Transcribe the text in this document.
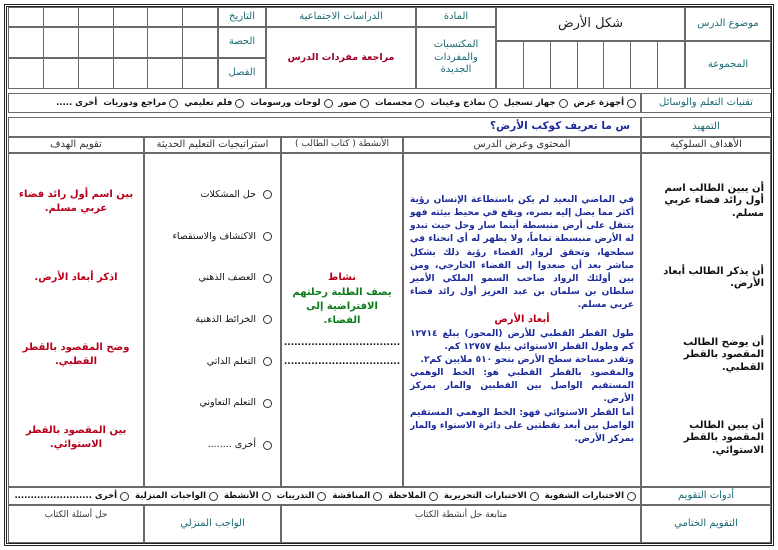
موضوع الدرس
شكل الأرض
المادة
الدراسات الاجتماعية
التاريخ
المجموعة
المكتسبات والمفردات الجديدة
مراجعة مفردات الدرس
الحصة
الفصل
تقنيات التعلم والوسائل
أجهزة عرض
جهاز تسجيل
نماذج وعينات
مجسمات
صور
لوحات ورسومات
فلم تعليمي
مراجع ودوريات
أخرى .....
التمهيد
س ما تعريف كوكب الأرض؟
الأهداف السلوكية
المحتوى وعرض الدرس
الأنشطة ( كتاب الطالب )
استراتيجيات التعليم الحديثة
تقويم الهدف
أن يبين الطالب اسم أول رائد فضاء عربي مسلم.
أن يذكر الطالب أبعاد الأرض.
أن يوضح الطالب المقصود بالقطر القطبي.
أن يبين الطالب المقصود بالقطر الاستوائي.
في الماضي البعيد لم يكن باستطاعة الإنسان رؤية أكثر مما يصل إليه بصره، ويقع في محيط بيئته فهو يتنقل على أرض منبسطة أينما سار وحل حيث تبدو له الأرض منبسطة تماماً، ولا يظهر له أي انحناء في سطحها، وتحقق لرواد الفضاء رؤية ذلك بشكل مباشر بعد أن صعدوا إلى الفضاء الخارجي، ومن بين أولئك الرواد صاحب السمو الملكي الأمير سلطان بن سلمان بن عبد العزيز أول رائد فضاء عربي مسلم.
أبعاد الأرض
طول القطر القطبي للأرض (المحور) يبلغ ١٢٧١٤ كم وطول القطر الاستوائي يبلغ ١٢٧٥٧ كم.
وتقدر مساحة سطح الأرض بنحو ٥١٠ ملايين كم٢.
والمقصود بالقطر القطبي هو: الخط الوهمي المستقيم الواصل بين القطبين والمار بمركز الأرض.
أما القطر الاستوائي فهو: الخط الوهمي المستقيم الواصل بين أبعد نقطتين على دائرة الاستواء والمار بمركز الأرض.
نشاط
يصف الطلبة رحلتهم الافتراضية إلى الفضاء.
..................................
..................................
حل المشكلات
الاكتشاف والاستقصاء
العصف الذهني
الخرائط الذهنية
التعلم الذاتي
التعلم التعاوني
أخرى ........
بين اسم أول رائد فضاء عربي مسلم.
اذكر أبعاد الأرض.
وضح المقصود بالقطر القطبي.
بين المقصود بالقطر الاستوائي.
أدوات التقويم
الاختبارات الشفوية
الاختبارات التحريرية
الملاحظة
المناقشة
التدريبات
الأنشطة
الواجبات المنزلية
أخرى ........................
التقويم الختامي
متابعة حل أنشطة الكتاب
الواجب المنزلي
حل أسئلة الكتاب
